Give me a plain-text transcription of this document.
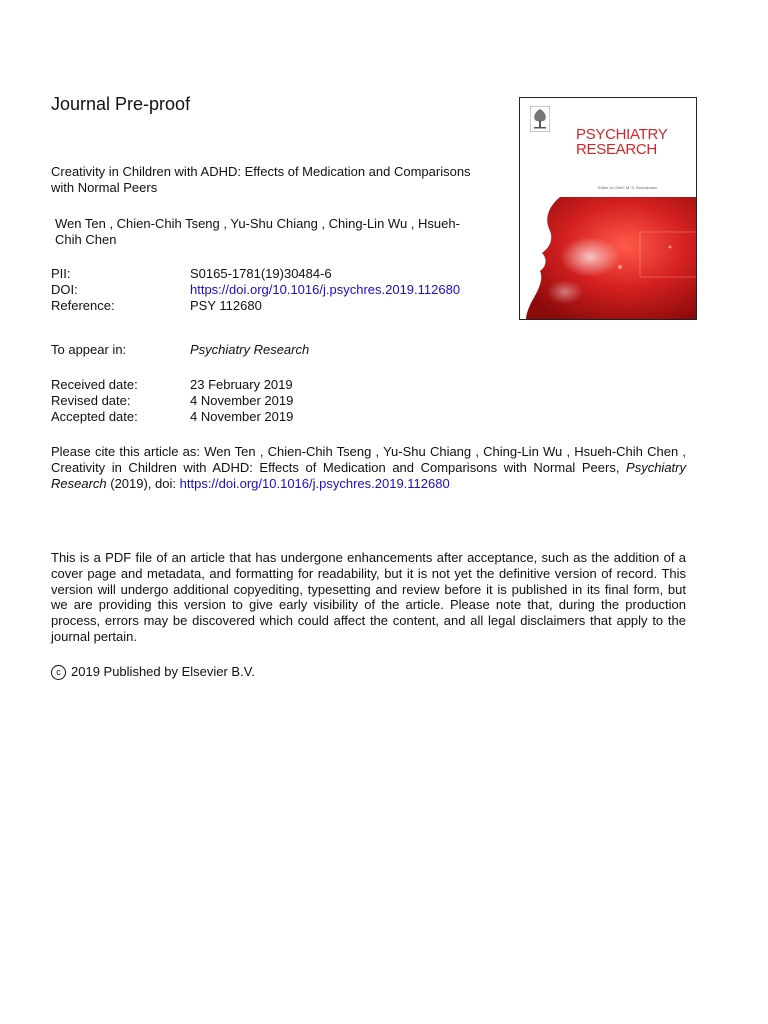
Journal Pre-proof
Creativity in Children with ADHD: Effects of Medication and Comparisons with Normal Peers
Wen Ten , Chien-Chih Tseng , Yu-Shu Chiang , Ching-Lin Wu , Hsueh-Chih Chen
PII:	S0165-1781(19)30484-6
DOI:	https://doi.org/10.1016/j.psychres.2019.112680
Reference:	PSY 112680
To appear in:	Psychiatry Research
Received date:	23 February 2019
Revised date:	4 November 2019
Accepted date:	4 November 2019
Please cite this article as: Wen Ten , Chien-Chih Tseng , Yu-Shu Chiang , Ching-Lin Wu , Hsueh-Chih Chen , Creativity in Children with ADHD: Effects of Medication and Comparisons with Normal Peers, Psychiatry Research (2019), doi: https://doi.org/10.1016/j.psychres.2019.112680
This is a PDF file of an article that has undergone enhancements after acceptance, such as the addition of a cover page and metadata, and formatting for readability, but it is not yet the definitive version of record. This version will undergo additional copyediting, typesetting and review before it is published in its final form, but we are providing this version to give early visibility of the article. Please note that, during the production process, errors may be discovered which could affect the content, and all legal disclaimers that apply to the journal pertain.
c 2019 Published by Elsevier B.V.
PSYCHIATRY
RESEARCH
Editor-in-Chief: M. S. Buchsbaum
